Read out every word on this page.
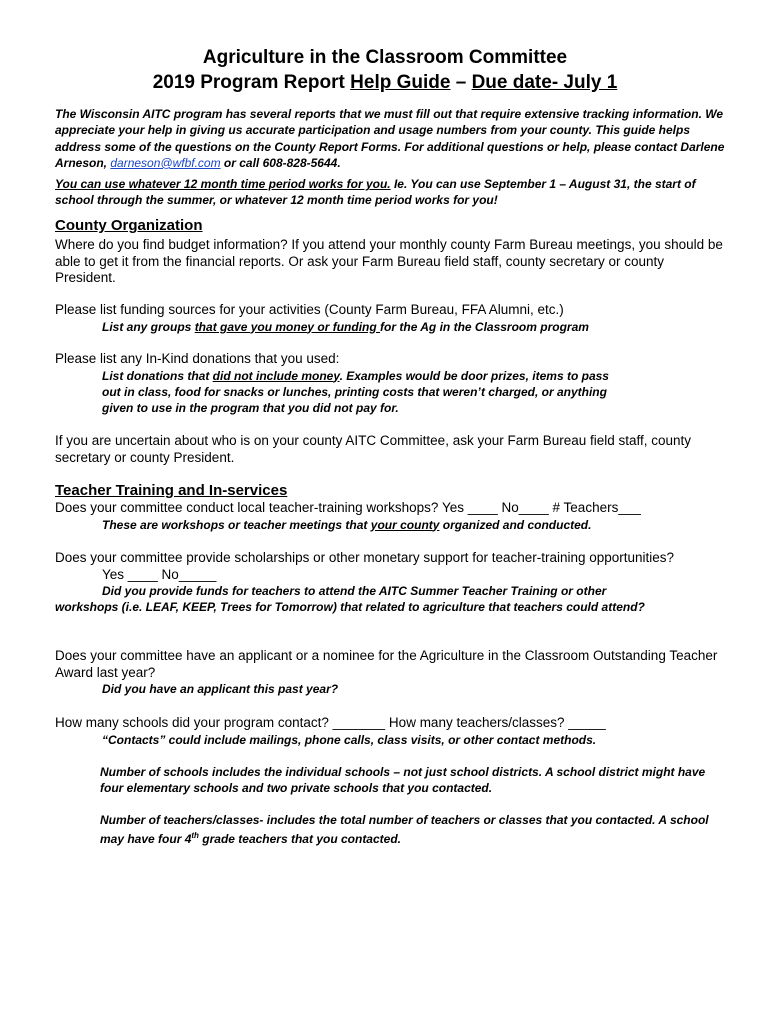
Agriculture in the Classroom Committee
2019 Program Report Help Guide – Due date- July 1
The Wisconsin AITC program has several reports that we must fill out that require extensive tracking information. We appreciate your help in giving us accurate participation and usage numbers from your county. This guide helps address some of the questions on the County Report Forms. For additional questions or help, please contact Darlene Arneson, darneson@wfbf.com or call 608-828-5644.
You can use whatever 12 month time period works for you. Ie. You can use September 1 – August 31, the start of school through the summer, or whatever 12 month time period works for you!
County Organization
Where do you find budget information? If you attend your monthly county Farm Bureau meetings, you should be able to get it from the financial reports. Or ask your Farm Bureau field staff, county secretary or county President.

Please list funding sources for your activities (County Farm Bureau, FFA Alumni, etc.)

List any groups that gave you money or funding for the Ag in the Classroom program

Please list any In-Kind donations that you used:

List donations that did not include money. Examples would be door prizes, items to pass out in class, food for snacks or lunches, printing costs that weren’t charged, or anything given to use in the program that you did not pay for.

If you are uncertain about who is on your county AITC Committee, ask your Farm Bureau field staff, county secretary or county President.
Teacher Training and In-services

Does your committee conduct local teacher-training workshops? Yes ____ No____ # Teachers___

These are workshops or teacher meetings that your county organized and conducted.

Does your committee provide scholarships or other monetary support for teacher-training opportunities?

Yes ____ No_____

Did you provide funds for teachers to attend the AITC Summer Teacher Training or other
workshops (i.e. LEAF, KEEP, Trees for Tomorrow) that related to agriculture that teachers could attend?

Does your committee have an applicant or a nominee for the Agriculture in the Classroom Outstanding Teacher Award last year?

Did you have an applicant this past year?

How many schools did your program contact? _______ How many teachers/classes? _____

“Contacts” could include mailings, phone calls, class visits, or other contact methods.

Number of schools includes the individual schools – not just school districts. A school district might have four elementary schools and two private schools that you contacted.
Number of teachers/classes- includes the total number of teachers or classes that you contacted. A school may have four 4th grade teachers that you contacted.
